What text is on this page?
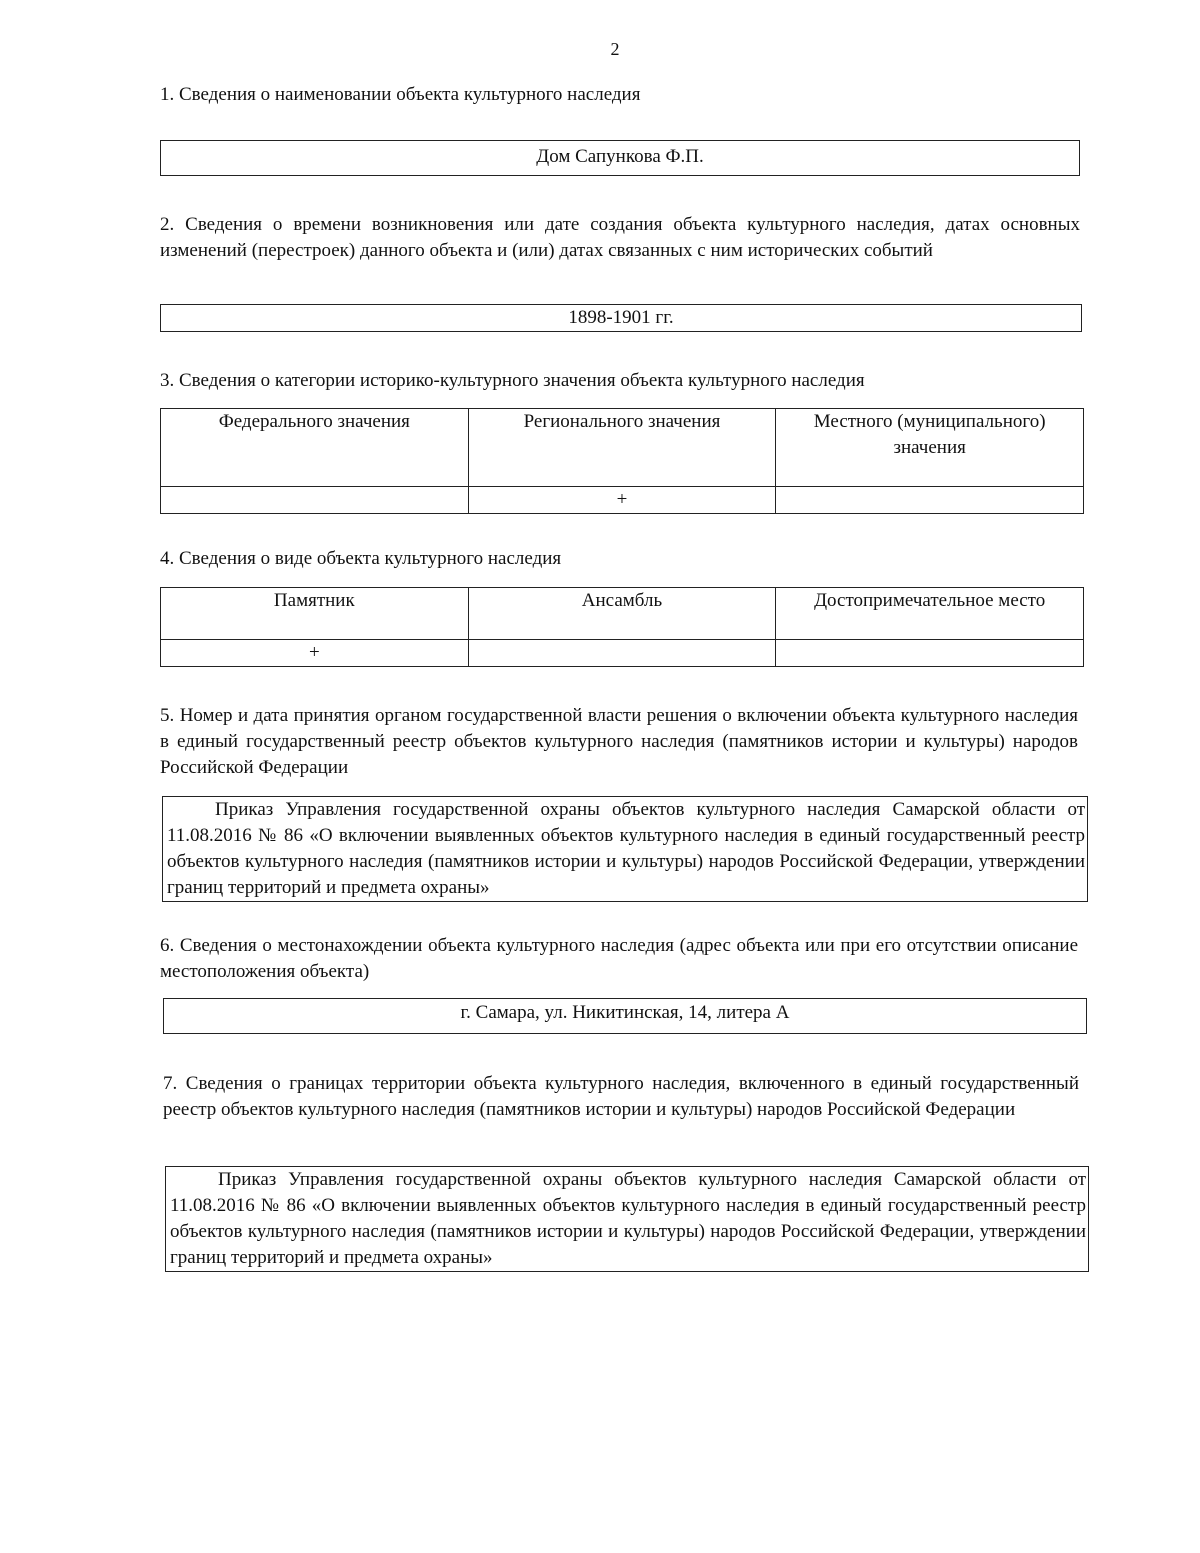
2
1. Сведения о наименовании объекта культурного наследия
Дом Сапункова Ф.П.
2. Сведения о времени возникновения или дате создания объекта культурного наследия, датах основных изменений (перестроек) данного объекта и (или) датах связанных с ним исторических событий
1898-1901 гг.
3. Сведения о категории историко-культурного значения объекта культурного наследия
Федерального значения	Регионального значения	Местного (муниципального) значения
	+	
4. Сведения о виде объекта культурного наследия
Памятник	Ансамбль	Достопримечательное место
+		
5. Номер и дата принятия органом государственной власти решения о включении объекта культурного наследия в единый государственный реестр объектов культурного наследия (памятников истории и культуры) народов Российской Федерации

Приказ Управления государственной охраны объектов культурного наследия Самарской области от 11.08.2016 № 86 «О включении выявленных объектов культурного наследия в единый государственный реестр объектов культурного наследия (памятников истории и культуры) народов Российской Федерации, утверждении границ территорий и предмета охраны»

6. Сведения о местонахождении объекта культурного наследия (адрес объекта или при его отсутствии описание местоположения объекта)
г. Самара, ул. Никитинская, 14, литера А
7. Сведения о границах территории объекта культурного наследия, включенного в единый государственный реестр объектов культурного наследия (памятников истории и культуры) народов Российской Федерации

Приказ Управления государственной охраны объектов культурного наследия Самарской области от 11.08.2016 № 86 «О включении выявленных объектов культурного наследия в единый государственный реестр объектов культурного наследия (памятников истории и культуры) народов Российской Федерации, утверждении границ территорий и предмета охраны»
